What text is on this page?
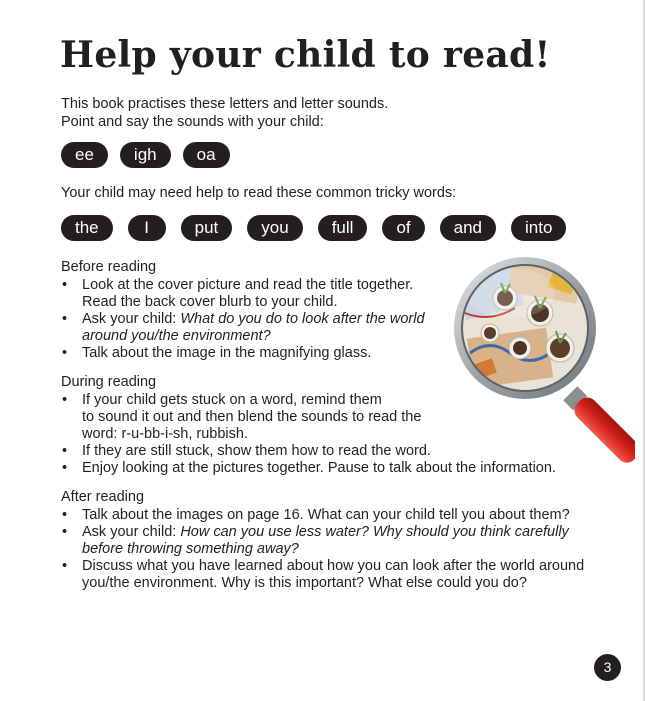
Help your child to read!
This book practises these letters and letter sounds.
Point and say the sounds with your child:
ee	igh	oa
Your child may need help to read these common tricky words:
the	I	put	you	full	of	and	into
Before reading
• Look at the cover picture and read the title together.
Read the back cover blurb to your child.
• Ask your child: What do you do to look after the world around you/the environment?
• Talk about the image in the magnifying glass.
During reading
• If your child gets stuck on a word, remind them
to sound it out and then blend the sounds to read the
word: r-u-bb-i-sh, rubbish.
• If they are still stuck, show them how to read the word.
• Enjoy looking at the pictures together. Pause to talk about the information.
After reading
• Talk about the images on page 16. What can your child tell you about them?
• Ask your child: How can you use less water? Why should you think carefully before throwing something away?
• Discuss what you have learned about how you can look after the world around you/the environment. Why is this important? What else could you do?
3
